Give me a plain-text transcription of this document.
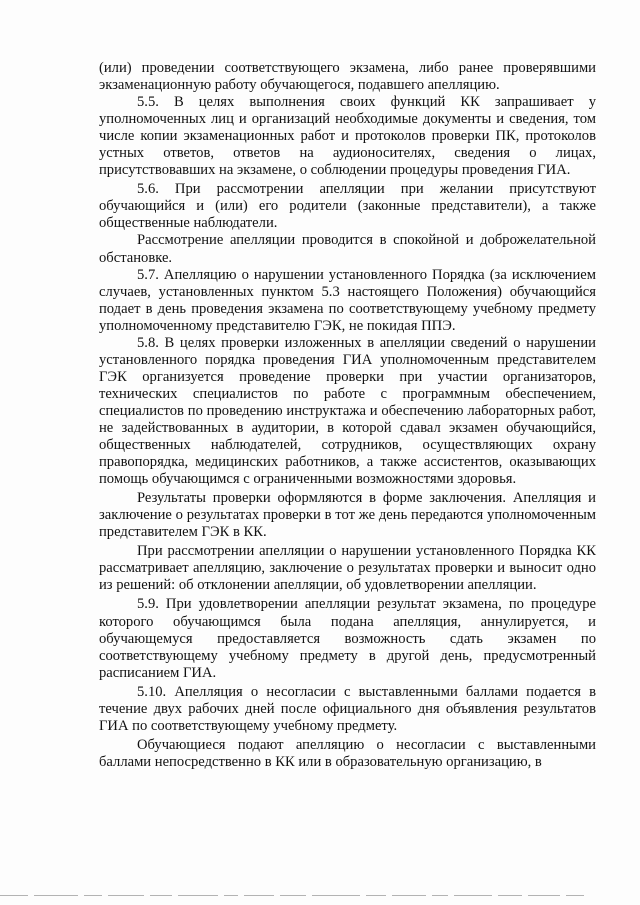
(или) проведении соответствующего экзамена, либо ранее проверявшими экзаменационную работу обучающегося, подавшего апелляцию.

5.5. В целях выполнения своих функций КК запрашивает у уполномоченных лиц и организаций необходимые документы и сведения, том числе копии экзаменационных работ и протоколов проверки ПК, протоколов устных ответов, ответов на аудионосителях, сведения о лицах, присутствовавших на экзамене, о соблюдении процедуры проведения ГИА.

5.6. При рассмотрении апелляции при желании присутствуют обучающийся и (или) его родители (законные представители), а также общественные наблюдатели.

Рассмотрение апелляции проводится в спокойной и доброжелательной обстановке.

5.7. Апелляцию о нарушении установленного Порядка (за исключением случаев, установленных пунктом 5.3 настоящего Положения) обучающийся подает в день проведения экзамена по соответствующему учебному предмету уполномоченному представителю ГЭК, не покидая ППЭ.

5.8. В целях проверки изложенных в апелляции сведений о нарушении установленного порядка проведения ГИА уполномоченным представителем ГЭК организуется проведение проверки при участии организаторов, технических специалистов по работе с программным обеспечением, специалистов по проведению инструктажа и обеспечению лабораторных работ, не задействованных в аудитории, в которой сдавал экзамен обучающийся, общественных наблюдателей, сотрудников, осуществляющих охрану правопорядка, медицинских работников, а также ассистентов, оказывающих помощь обучающимся с ограниченными возможностями здоровья.

Результаты проверки оформляются в форме заключения. Апелляция и заключение о результатах проверки в тот же день передаются уполномоченным представителем ГЭК в КК.

При рассмотрении апелляции о нарушении установленного Порядка КК рассматривает апелляцию, заключение о результатах проверки и выносит одно из решений: об отклонении апелляции, об удовлетворении апелляции.

5.9. При удовлетворении апелляции результат экзамена, по процедуре которого обучающимся была подана апелляция, аннулируется, и обучающемуся предоставляется возможность сдать экзамен по соответствующему учебному предмету в другой день, предусмотренный расписанием ГИА.

5.10. Апелляция о несогласии с выставленными баллами подается в течение двух рабочих дней после официального дня объявления результатов ГИА по соответствующему учебному предмету.

Обучающиеся подают апелляцию о несогласии с выставленными баллами непосредственно в КК или в образовательную организацию, в
